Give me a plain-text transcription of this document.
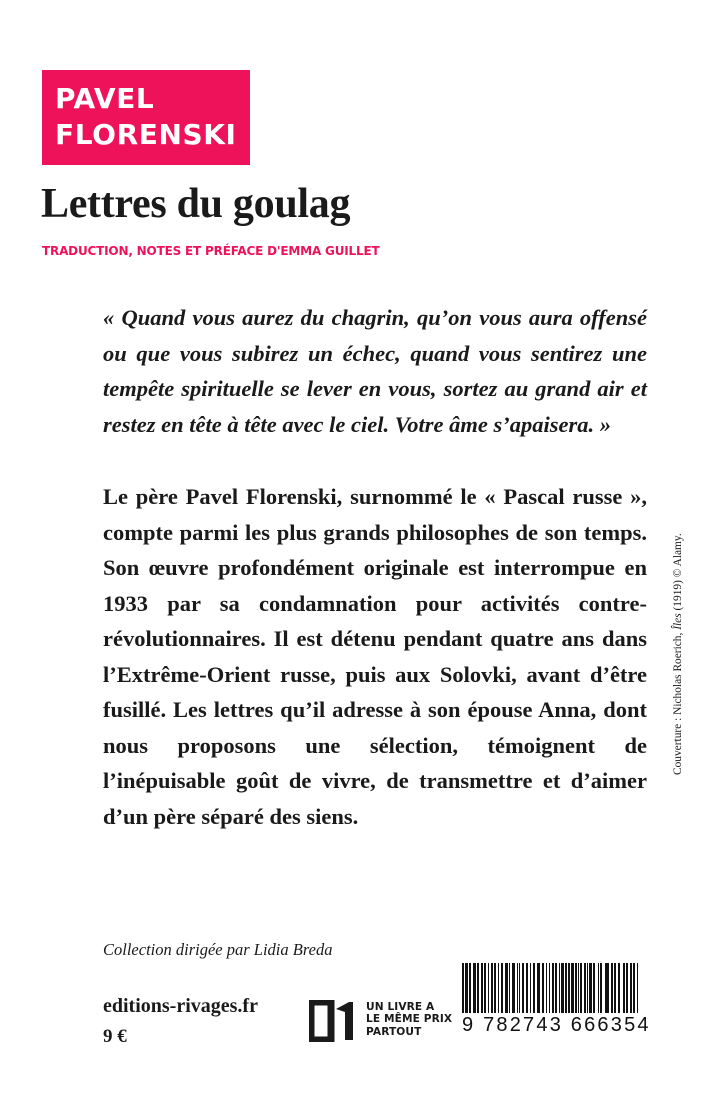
PAVEL
FLORENSKI
Lettres du goulag
TRADUCTION, NOTES ET PRÉFACE D'EMMA GUILLET

« Quand vous aurez du chagrin, qu’on vous aura offensé ou que vous subirez un échec, quand vous sentirez une tempête spirituelle se lever en vous, sortez au grand air et restez en tête à tête avec le ciel. Votre âme s’apaisera. »

Le père Pavel Florenski, surnommé le « Pascal russe », compte parmi les plus grands philosophes de son temps. Son œuvre profondément originale est interrompue en 1933 par sa condamnation pour activités contre-révolutionnaires. Il est détenu pendant quatre ans dans l’Extrême-Orient russe, puis aux Solovki, avant d’être fusillé. Les lettres qu’il adresse à son épouse Anna, dont nous proposons une sélection, témoignent de l’inépuisable goût de vivre, de transmettre et d’aimer d’un père séparé des siens.

Collection dirigée par Lidia Breda
editions-rivages.fr
9 €
UN LIVRE A
LE MÊME PRIX
PARTOUT	9 782743 666354
Couverture : Nicholas Roerich, Îles (1919) © Alamy.
